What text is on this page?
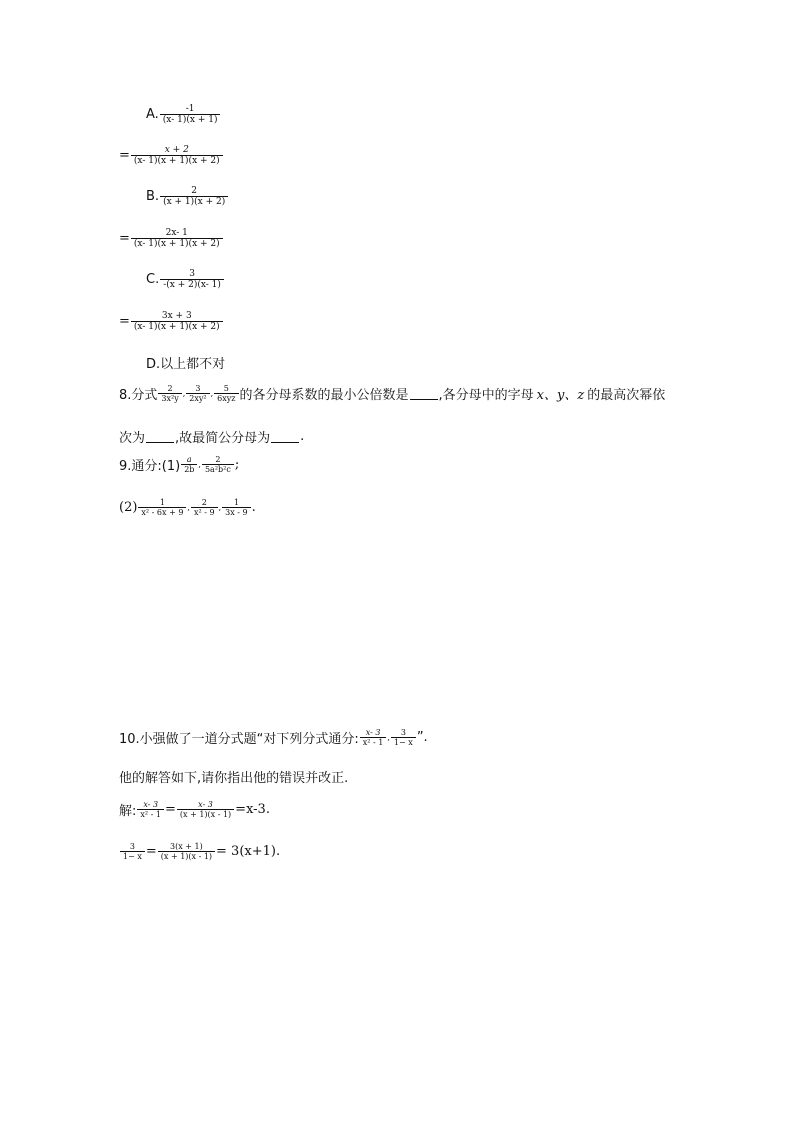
A. $\frac{-1}{(x- 1)(x + 1)}$
= $\frac{x + 2}{(x- 1)(x + 1)(x + 2)}$
B. $\frac{2}{(x + 1)(x + 2)}$
= $\frac{2x- 1}{(x- 1)(x + 1)(x + 2)}$
C. $\frac{3}{-(x + 2)(x- 1)}$
= $\frac{3x + 3}{(x- 1)(x + 1)(x + 2)}$
D.以上都不对
8.分式 $\frac{2}{\text{3x²y}}$ , $\frac{3}{\text{2xy²}}$ , $\frac{5}{\text{6xyz}}$ 的各分母系数的最小公倍数是 ,各分母中的字母 x、y、z 的最高次幂依
次为 ,故最简公分母为 .
9.通分:(1) $\frac{a}{2b}$ , $\frac{2}{\text{5a²b²c}}$ ;
$(2) \frac{1}{\text{x² - 6x + 9}}$ , $\frac{2}{\text{x² - 9}}$ , $\frac{1}{3x - 9}$ .
10.小强做了一道分式题“对下列分式通分: $\frac{x- 3}{\text{x² - 1}}$ , $\frac{3}{1- x}$ ”.
他的解答如下,请你指出他的错误并改正.
解: $\frac{x- 3}{\text{x² - 1}} = \frac{x- 3}{(x + 1)(x - 1)} =x-3$.
$\frac{3}{1- x} = \frac{3(x + 1)}{(x + 1)(x - 1)} = 3(x+1)$.
